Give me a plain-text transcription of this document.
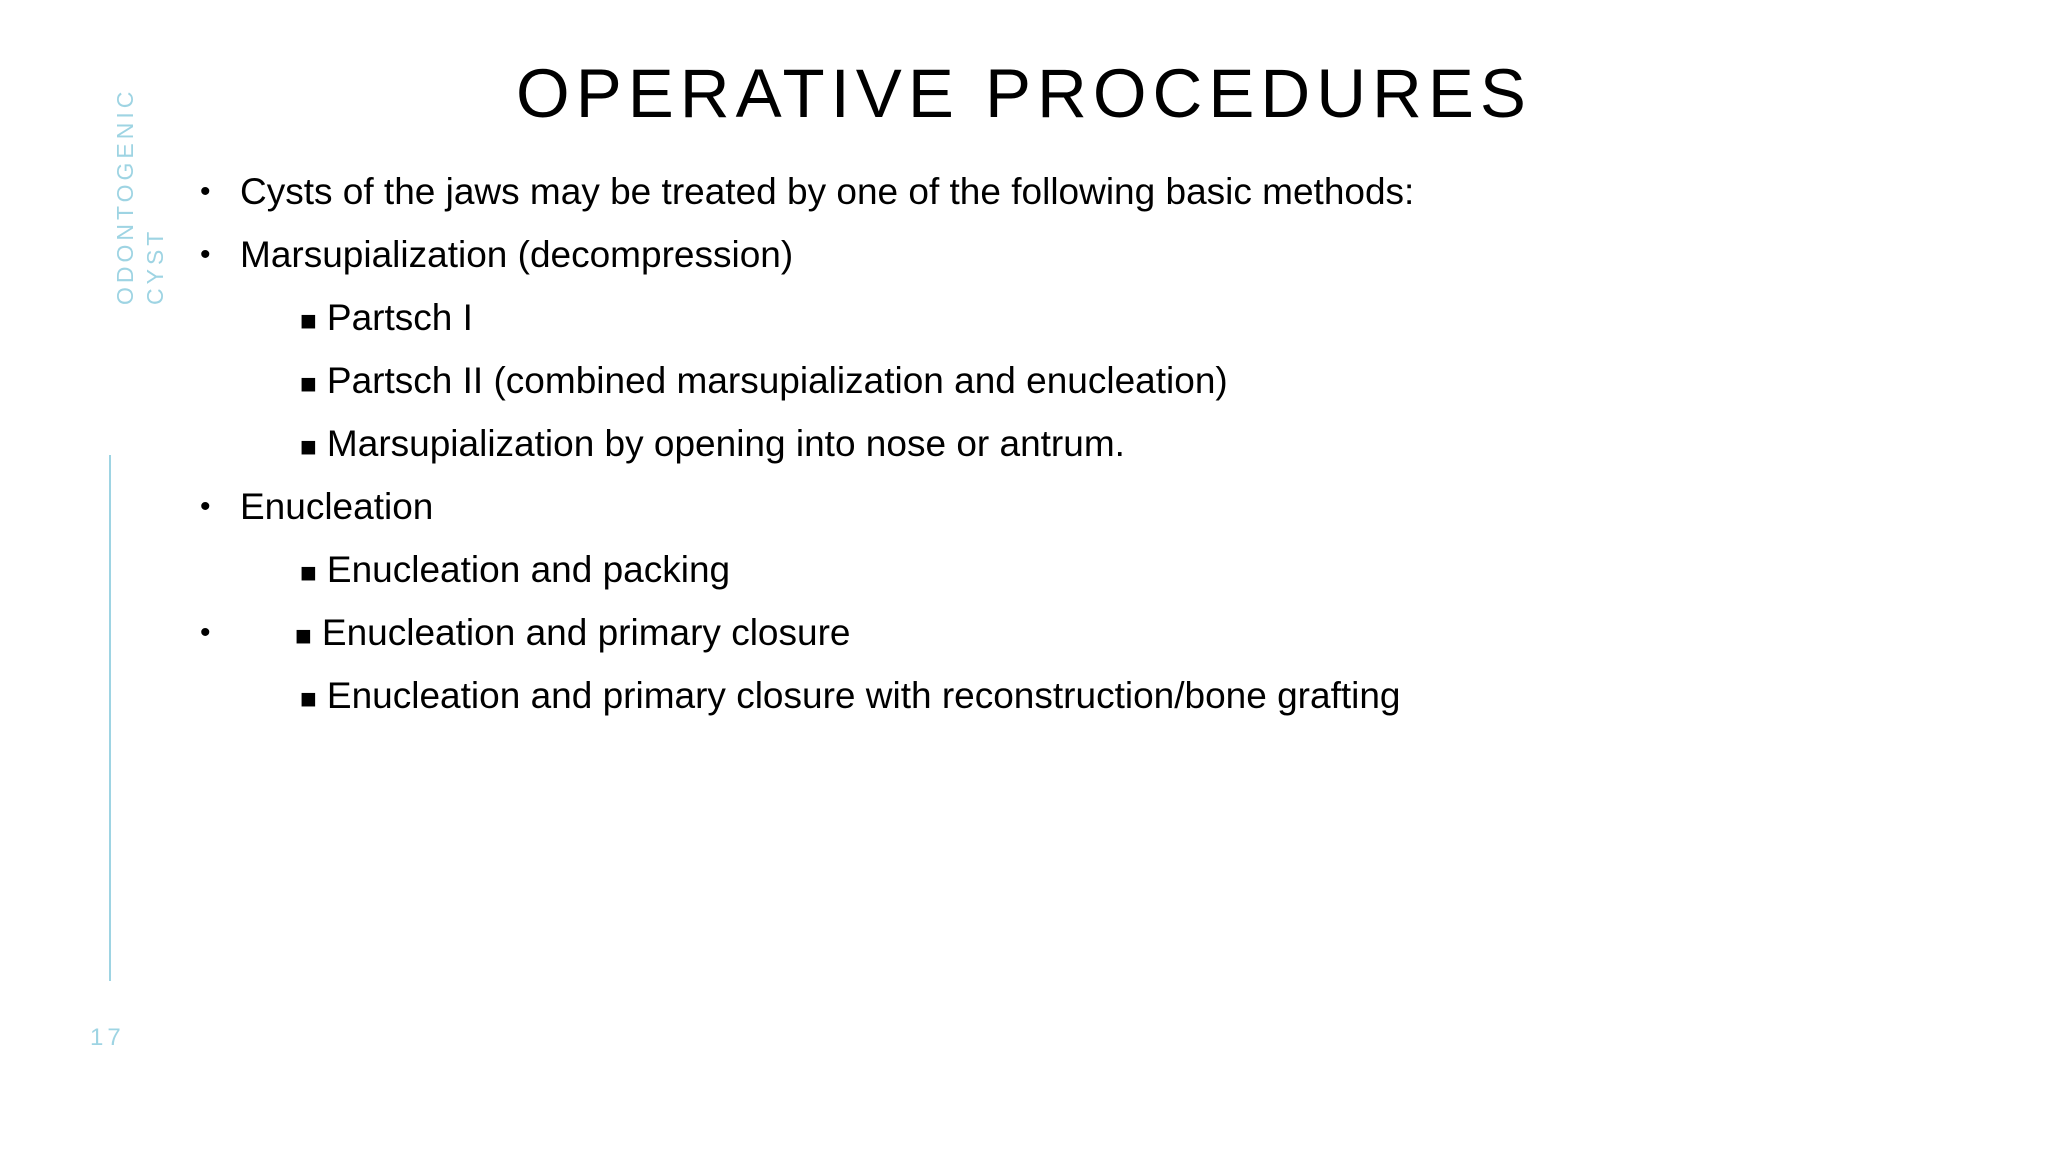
OPERATIVE PROCEDURES
ODONTOGENIC CYST
17
• Cysts of the jaws may be treated by one of the following basic methods:
• Marsupialization (decompression)
■ Partsch I
■ Partsch II (combined marsupialization and enucleation)
■ Marsupialization by opening into nose or antrum.
• Enucleation
■ Enucleation and packing
•	■ Enucleation and primary closure
■ Enucleation and primary closure with reconstruction/bone grafting
